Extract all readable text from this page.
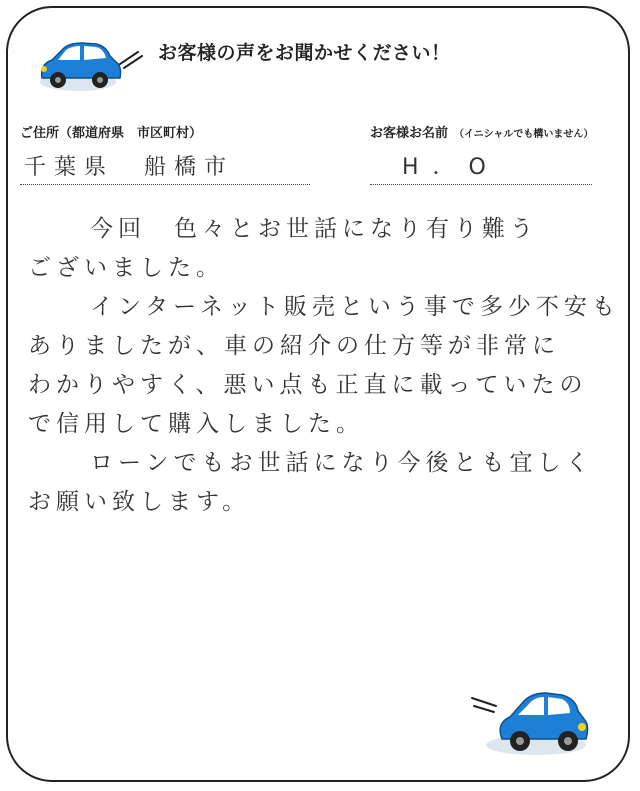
お客様の声をお聞かせください！
ご住所（都道府県　市区町村）	お客様お名前 （イニシャルでも構いません）
千葉県　船橋市	H．O
　今回　色々とお世話になり有り難う
ございました。
　インターネット販売という事で多少不安も
ありましたが、車の紹介の仕方等が非常に
わかりやすく、悪い点も正直に載っていたの
で信用して購入しました。
　ローンでもお世話になり今後とも宜しく
お願い致します。
